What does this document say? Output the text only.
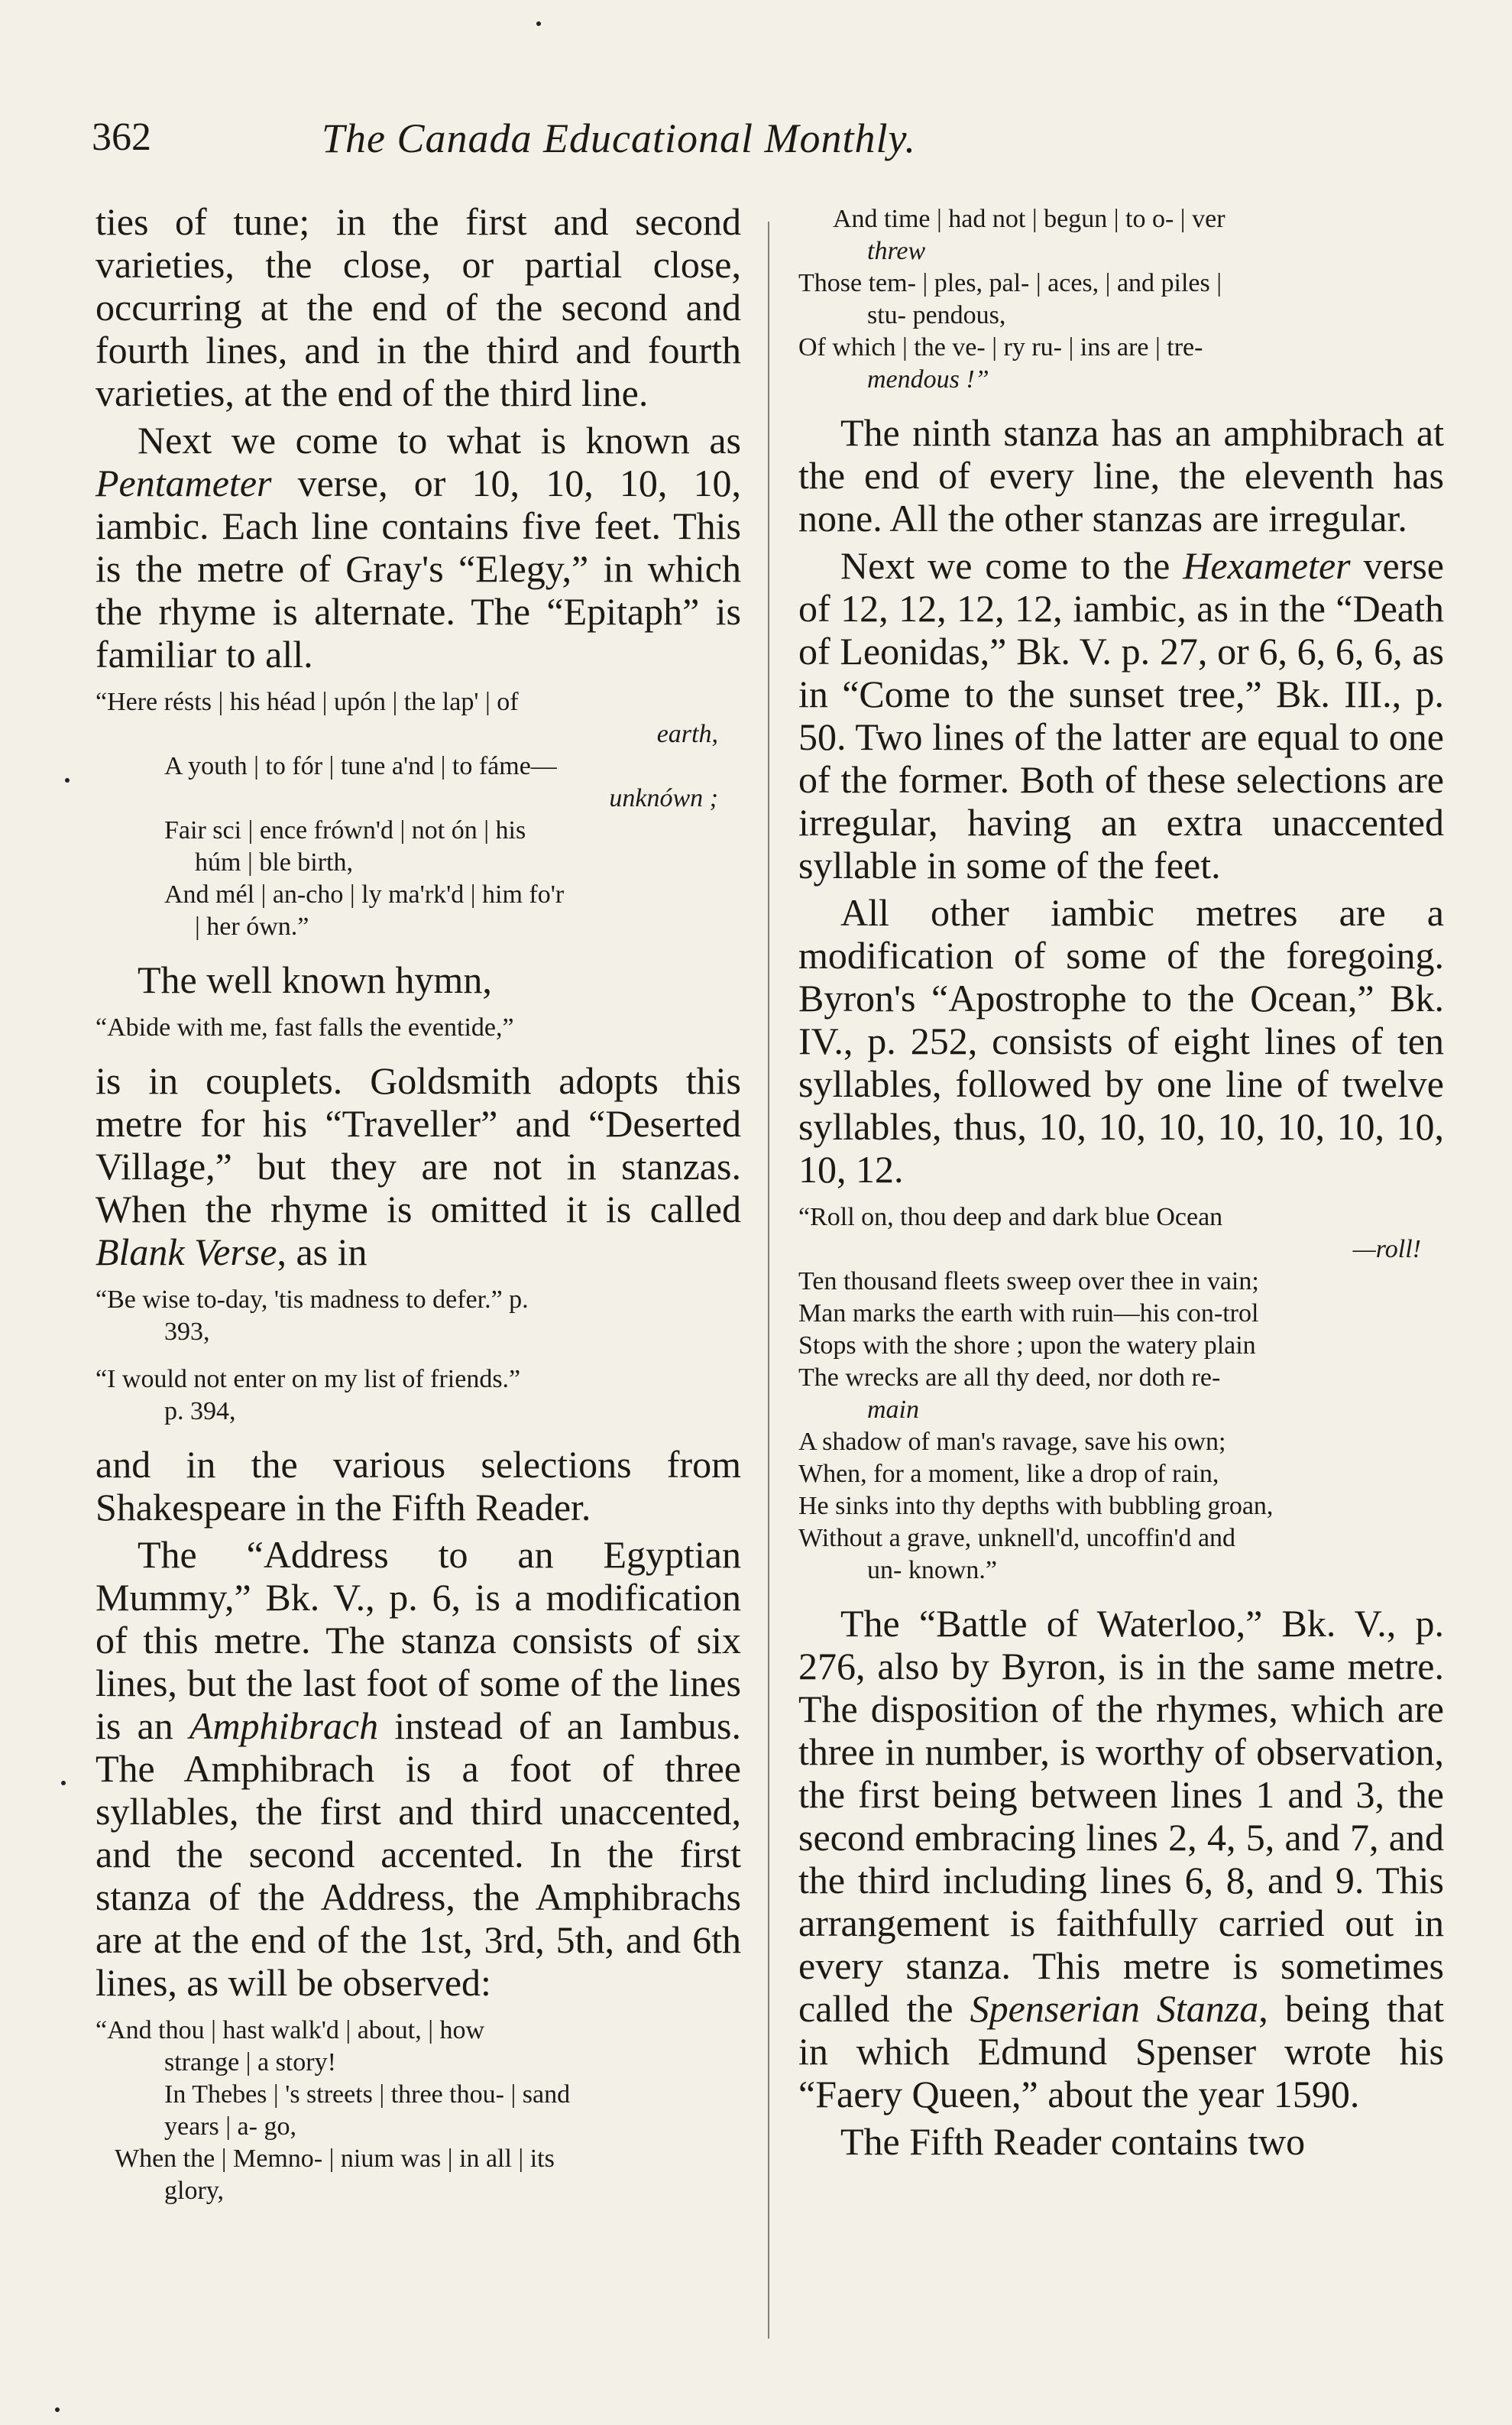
The Canada Educational Monthly.
362

ties of tune; in the first and second varieties, the close, or partial close, occurring at the end of the second and fourth lines, and in the third and fourth varieties, at the end of the third line.

Next we come to what is known as Pentameter verse, or 10, 10, 10, 10, iambic. Each line contains five feet. This is the metre of Gray's “Elegy,” in which the rhyme is alternate. The “Epitaph” is familiar to all.

“Here résts | his héad | upón | the lap' | of
earth,
A youth | to fór | tune a'nd | to fáme—
unknówn ;
Fair sci | ence frówn'd | not ón | his
húm | ble birth,
And mél | an-cho | ly ma'rk'd | him fo'r
| her ówn.”

The well known hymn,

“Abide with me, fast falls the eventide,”

is in couplets. Goldsmith adopts this metre for his “Traveller” and “Deserted Village,” but they are not in stanzas. When the rhyme is omitted it is called Blank Verse, as in

“Be wise to-day, 'tis madness to defer.” p.
393,
“I would not enter on my list of friends.”
p. 394,

and in the various selections from Shakespeare in the Fifth Reader.

The “Address to an Egyptian Mummy,” Bk. V., p. 6, is a modification of this metre. The stanza consists of six lines, but the last foot of some of the lines is an Amphibrach instead of an Iambus. The Amphibrach is a foot of three syllables, the first and third unaccented, and the second accented. In the first stanza of the Address, the Amphibrachs are at the end of the 1st, 3rd, 5th, and 6th lines, as will be observed:

“And thou | hast walk'd | about, | how
strange | a story!
In Thebes | 's streets | three thou- | sand
years | a- go,
When the | Memno- | nium was | in all | its
glory,
And time | had not | begun | to o- | ver
threw
Those tem- | ples, pal- | aces, | and piles |
stu- pendous,
Of which | the ve- | ry ru- | ins are | tre-
mendous !”

The ninth stanza has an amphibrach at the end of every line, the eleventh has none. All the other stanzas are irregular.

Next we come to the Hexameter verse of 12, 12, 12, 12, iambic, as in the “Death of Leonidas,” Bk. V. p. 27, or 6, 6, 6, 6, as in “Come to the sunset tree,” Bk. III., p. 50. Two lines of the latter are equal to one of the former. Both of these selections are irregular, having an extra unaccented syllable in some of the feet.

All other iambic metres are a modification of some of the foregoing. Byron's “Apostrophe to the Ocean,” Bk. IV., p. 252, consists of eight lines of ten syllables, followed by one line of twelve syllables, thus, 10, 10, 10, 10, 10, 10, 10, 10, 12.

“Roll on, thou deep and dark blue Ocean
—roll!
Ten thousand fleets sweep over thee in vain;
Man marks the earth with ruin—his con-trol
Stops with the shore ; upon the watery plain
The wrecks are all thy deed, nor doth re-
main
A shadow of man's ravage, save his own;
When, for a moment, like a drop of rain,
He sinks into thy depths with bubbling groan,
Without a grave, unknell'd, uncoffin'd and
un- known.”

The “Battle of Waterloo,” Bk. V., p. 276, also by Byron, is in the same metre. The disposition of the rhymes, which are three in number, is worthy of observation, the first being between lines 1 and 3, the second embracing lines 2, 4, 5, and 7, and the third including lines 6, 8, and 9. This arrangement is faithfully carried out in every stanza. This metre is sometimes called the Spenserian Stanza, being that in which Edmund Spenser wrote his “Faery Queen,” about the year 1590.

The Fifth Reader contains two
